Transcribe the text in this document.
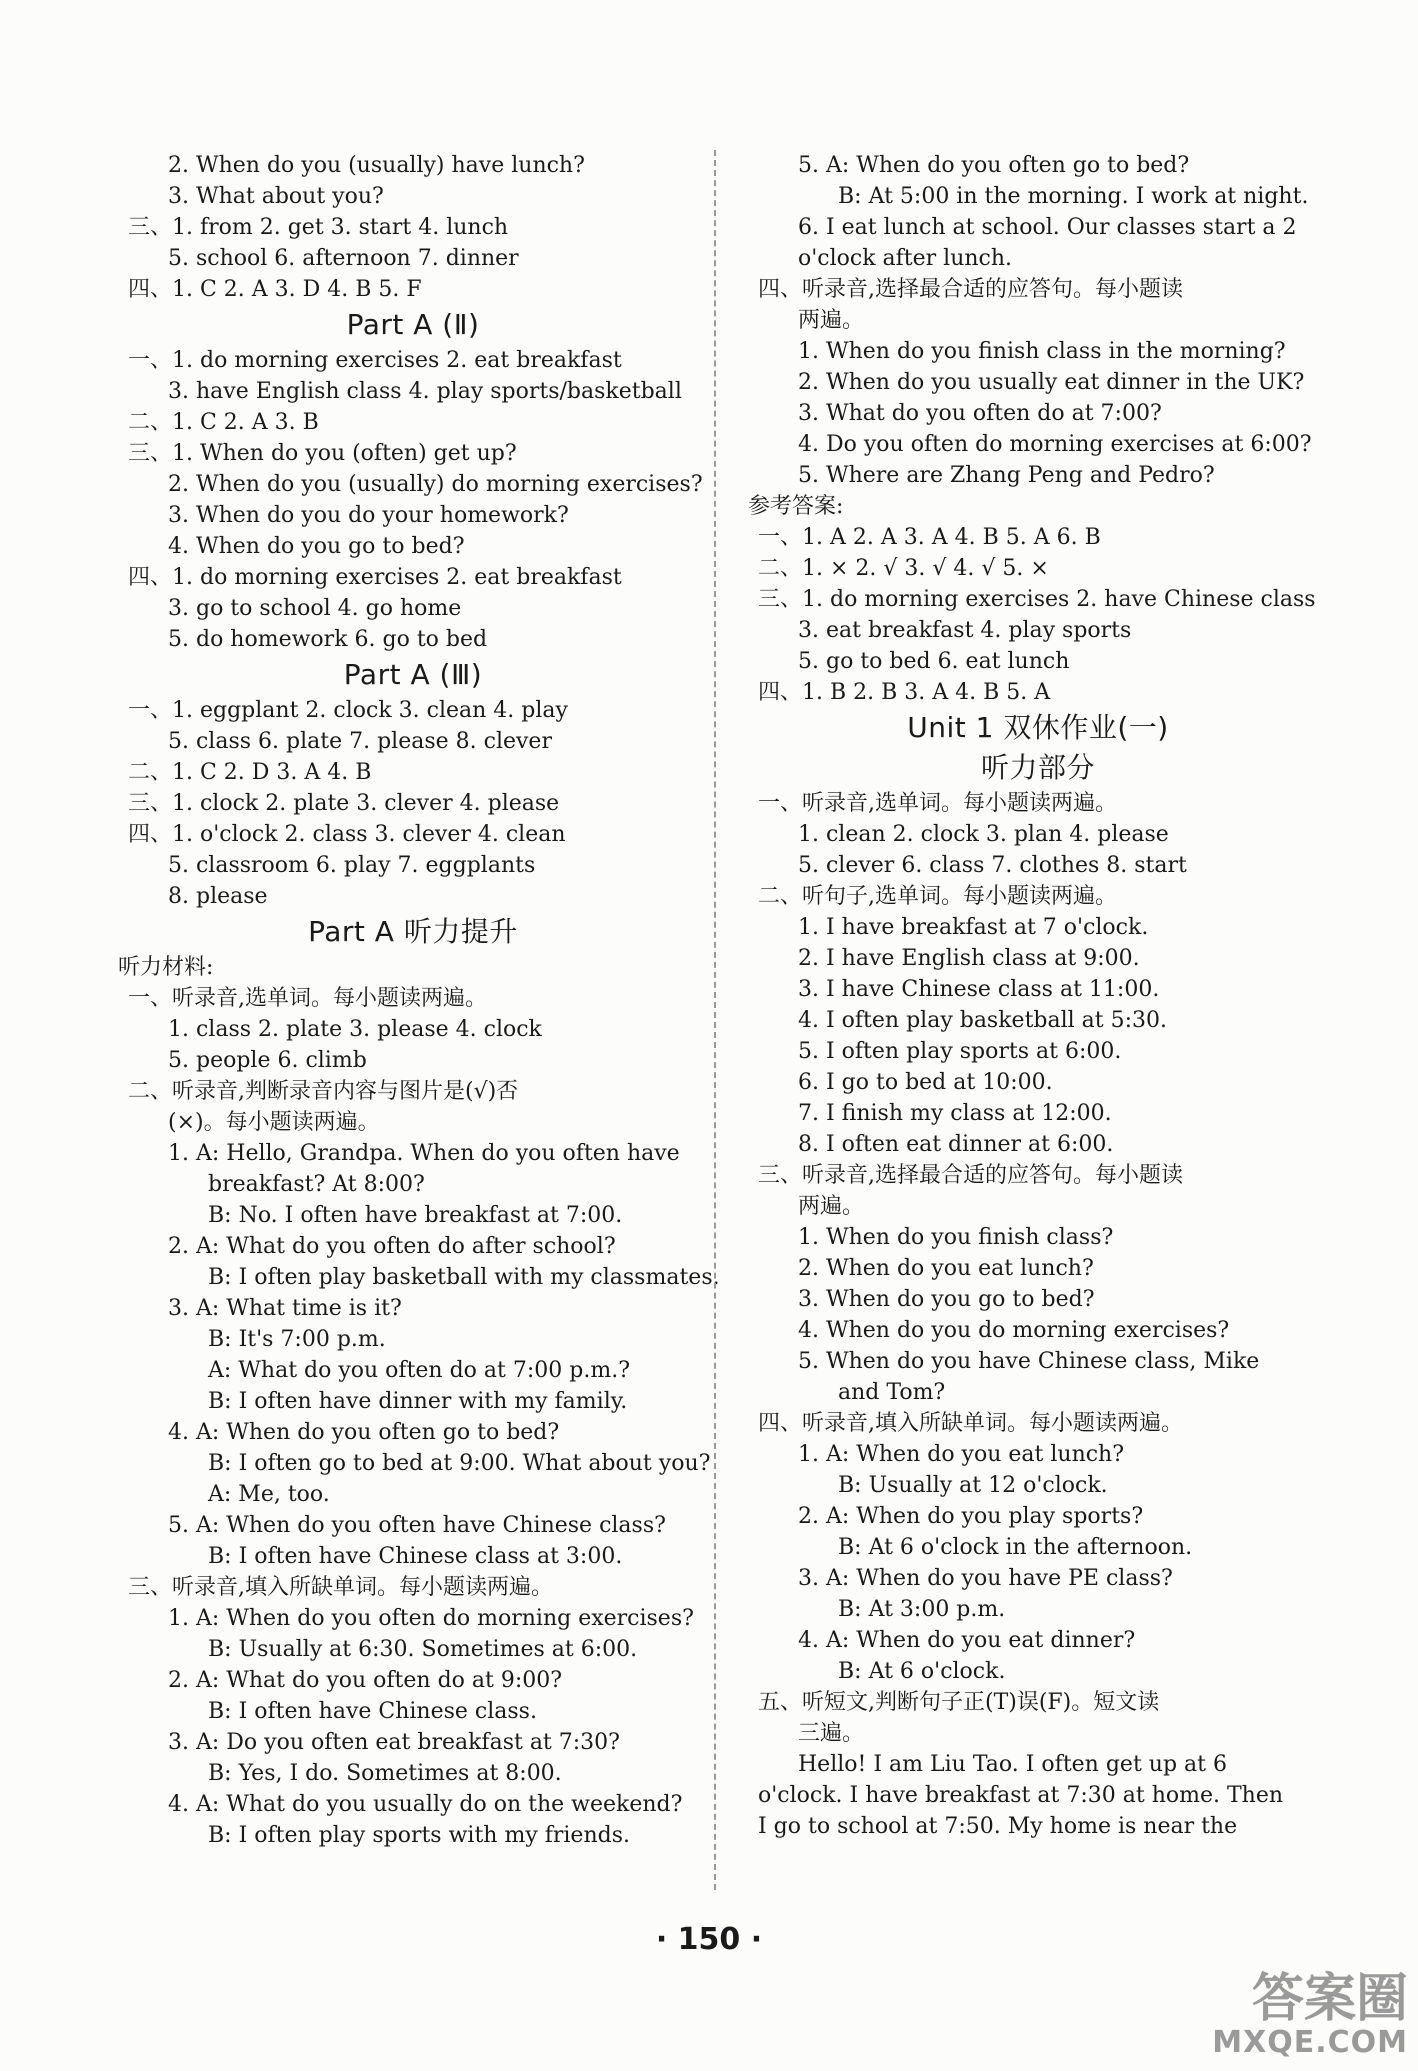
2. When do you (usually) have lunch?
3. What about you?
三、1. from 2. get 3. start 4. lunch
5. school 6. afternoon 7. dinner
四、1. C 2. A 3. D 4. B 5. F
Part A (Ⅱ)
一、1. do morning exercises 2. eat breakfast
3. have English class 4. play sports/basketball
二、1. C 2. A 3. B
三、1. When do you (often) get up?
2. When do you (usually) do morning exercises?
3. When do you do your homework?
4. When do you go to bed?
四、1. do morning exercises 2. eat breakfast
3. go to school 4. go home
5. do homework 6. go to bed
Part A (Ⅲ)
一、1. eggplant 2. clock 3. clean 4. play
5. class 6. plate 7. please 8. clever
二、1. C 2. D 3. A 4. B
三、1. clock 2. plate 3. clever 4. please
四、1. o'clock 2. class 3. clever 4. clean
5. classroom 6. play 7. eggplants
8. please
Part A 听力提升
听力材料:
一、听录音,选单词。每小题读两遍。
1. class 2. plate 3. please 4. clock
5. people 6. climb
二、听录音,判断录音内容与图片是(√)否
(×)。每小题读两遍。
1. A: Hello, Grandpa. When do you often have
breakfast? At 8:00?
B: No. I often have breakfast at 7:00.
2. A: What do you often do after school?
B: I often play basketball with my classmates.
3. A: What time is it?
B: It's 7:00 p.m.
A: What do you often do at 7:00 p.m.?
B: I often have dinner with my family.
4. A: When do you often go to bed?
B: I often go to bed at 9:00. What about you?
A: Me, too.
5. A: When do you often have Chinese class?
B: I often have Chinese class at 3:00.
三、听录音,填入所缺单词。每小题读两遍。
1. A: When do you often do morning exercises?
B: Usually at 6:30. Sometimes at 6:00.
2. A: What do you often do at 9:00?
B: I often have Chinese class.
3. A: Do you often eat breakfast at 7:30?
B: Yes, I do. Sometimes at 8:00.
4. A: What do you usually do on the weekend?
B: I often play sports with my friends.
5. A: When do you often go to bed?
B: At 5:00 in the morning. I work at night.
6. I eat lunch at school. Our classes start a 2
o'clock after lunch.
四、听录音,选择最合适的应答句。每小题读
两遍。
1. When do you finish class in the morning?
2. When do you usually eat dinner in the UK?
3. What do you often do at 7:00?
4. Do you often do morning exercises at 6:00?
5. Where are Zhang Peng and Pedro?
参考答案:
一、1. A 2. A 3. A 4. B 5. A 6. B
二、1. × 2. √ 3. √ 4. √ 5. ×
三、1. do morning exercises 2. have Chinese class
3. eat breakfast 4. play sports
5. go to bed 6. eat lunch
四、1. B 2. B 3. A 4. B 5. A
Unit 1 双休作业(一)
听力部分
一、听录音,选单词。每小题读两遍。
1. clean 2. clock 3. plan 4. please
5. clever 6. class 7. clothes 8. start
二、听句子,选单词。每小题读两遍。
1. I have breakfast at 7 o'clock.
2. I have English class at 9:00.
3. I have Chinese class at 11:00.
4. I often play basketball at 5:30.
5. I often play sports at 6:00.
6. I go to bed at 10:00.
7. I finish my class at 12:00.
8. I often eat dinner at 6:00.
三、听录音,选择最合适的应答句。每小题读
两遍。
1. When do you finish class?
2. When do you eat lunch?
3. When do you go to bed?
4. When do you do morning exercises?
5. When do you have Chinese class, Mike
and Tom?
四、听录音,填入所缺单词。每小题读两遍。
1. A: When do you eat lunch?
B: Usually at 12 o'clock.
2. A: When do you play sports?
B: At 6 o'clock in the afternoon.
3. A: When do you have PE class?
B: At 3:00 p.m.
4. A: When do you eat dinner?
B: At 6 o'clock.
五、听短文,判断句子正(T)误(F)。短文读
三遍。
Hello! I am Liu Tao. I often get up at 6
o'clock. I have breakfast at 7:30 at home. Then
I go to school at 7:50. My home is near the
· 150 ·
答案圈
MXQE.COM
